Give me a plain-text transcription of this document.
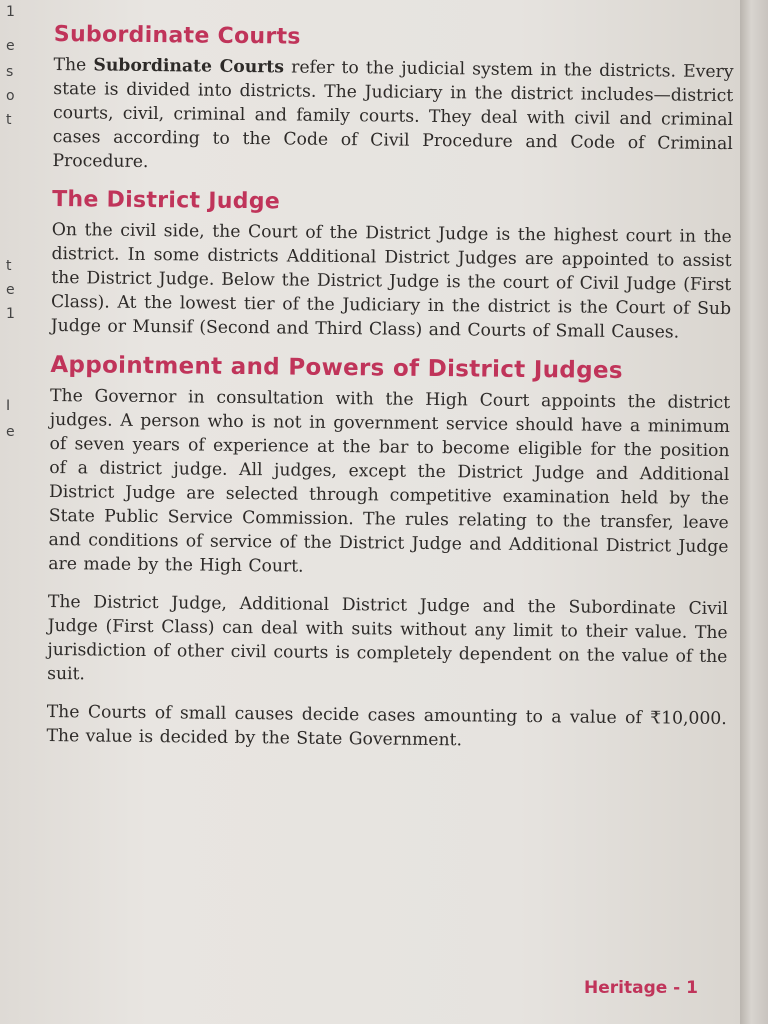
1
e
s
o
t
t
e
1
I
e
Subordinate Courts

The Subordinate Courts refer to the judicial system in the districts. Every state is divided into districts. The Judiciary in the district includes—district courts, civil, criminal and family courts. They deal with civil and criminal cases according to the Code of Civil Procedure and Code of Criminal Procedure.

The District Judge

On the civil side, the Court of the District Judge is the highest court in the district. In some districts Additional District Judges are appointed to assist the District Judge. Below the District Judge is the court of Civil Judge (First Class). At the lowest tier of the Judiciary in the district is the Court of Sub Judge or Munsif (Second and Third Class) and Courts of Small Causes.

Appointment and Powers of District Judges

The Governor in consultation with the High Court appoints the district judges. A person who is not in government service should have a minimum of seven years of experience at the bar to become eligible for the position of a district judge. All judges, except the District Judge and Additional District Judge are selected through competitive examination held by the State Public Service Commission. The rules relating to the transfer, leave and conditions of service of the District Judge and Additional District Judge are made by the High Court.

The District Judge, Additional District Judge and the Subordinate Civil Judge (First Class) can deal with suits without any limit to their value. The jurisdiction of other civil courts is completely dependent on the value of the suit.

The Courts of small causes decide cases amounting to a value of ₹10,000. The value is decided by the State Government.

Heritage - 1
